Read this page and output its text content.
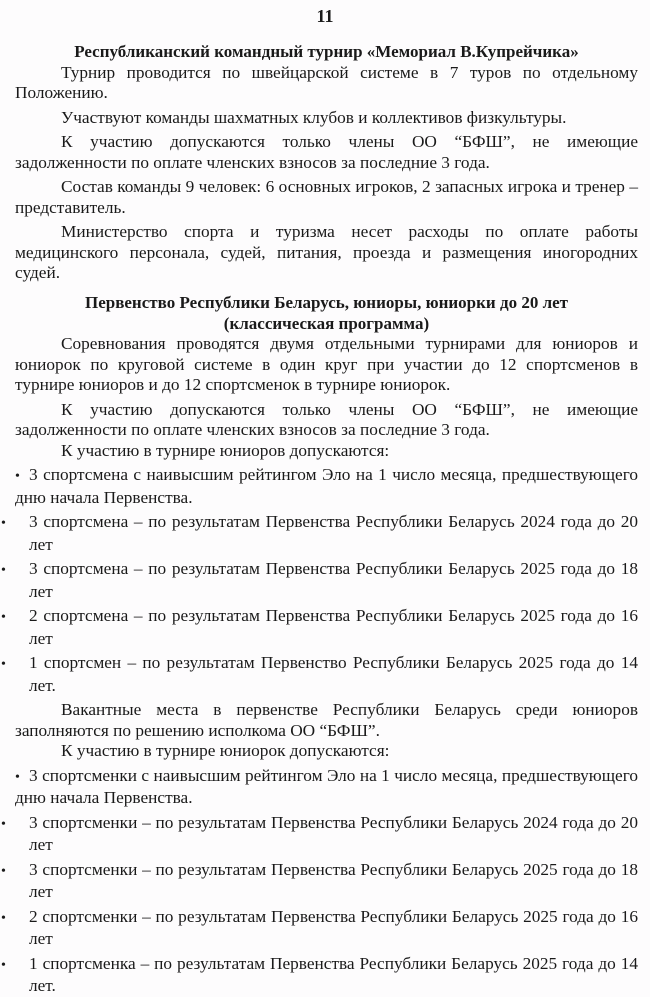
11
Республиканский командный турнир «Мемориал В.Купрейчика»

Турнир проводится по швейцарской системе в 7 туров по отдельному Положению.

Участвуют команды шахматных клубов и коллективов физкультуры.

К участию допускаются только члены ОО “БФШ”, не имеющие задолженности по оплате членских взносов за последние 3 года.

Состав команды 9 человек: 6 основных игроков, 2 запасных игрока и тренер – представитель.

Министерство спорта и туризма несет расходы по оплате работы медицинского персонала, судей, питания, проезда и размещения иногородних судей.

Первенство Республики Беларусь, юниоры, юниорки до 20 лет
(классическая программа)

Соревнования проводятся двумя отдельными турнирами для юниоров и юниорок по круговой системе в один круг при участии до 12 спортсменов в турнире юниоров и до 12 спортсменок в турнире юниорок.

К участию допускаются только члены ОО “БФШ”, не имеющие задолженности по оплате членских взносов за последние 3 года.

К участию в турнире юниоров допускаются:

• 3 спортсмена с наивысшим рейтингом Эло на 1 число месяца, предшествующего дню начала Первенства.

• 3 спортсмена – по результатам Первенства Республики Беларусь 2024 года до 20 лет

• 3 спортсмена – по результатам Первенства Республики Беларусь 2025 года до 18 лет

• 2 спортсмена – по результатам Первенства Республики Беларусь 2025 года до 16 лет

• 1 спортсмен – по результатам Первенство Республики Беларусь 2025 года до 14 лет.

Вакантные места в первенстве Республики Беларусь среди юниоров заполняются по решению исполкома ОО “БФШ”.

К участию в турнире юниорок допускаются:

• 3 спортсменки с наивысшим рейтингом Эло на 1 число месяца, предшествующего дню начала Первенства.

• 3 спортсменки – по результатам Первенства Республики Беларусь 2024 года до 20 лет

• 3 спортсменки – по результатам Первенства Республики Беларусь 2025 года до 18 лет

• 2 спортсменки – по результатам Первенства Республики Беларусь 2025 года до 16 лет

• 1 спортсменка – по результатам Первенства Республики Беларусь 2025 года до 14 лет.
